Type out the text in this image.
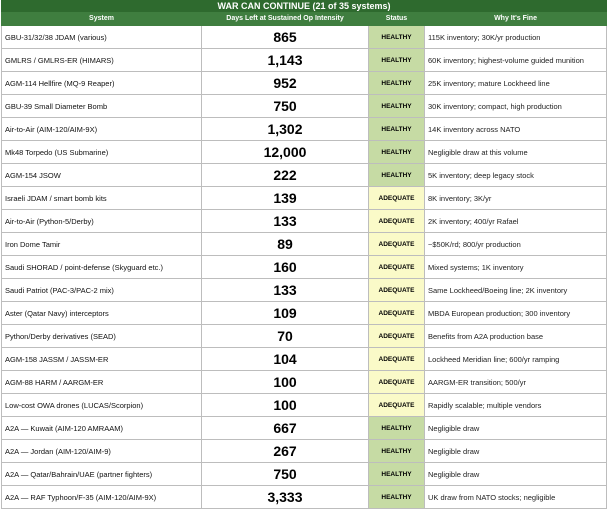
WAR CAN CONTINUE (21 of 35 systems)			
System	Days Left at Sustained Op Intensity	Status	Why It's Fine
GBU-31/32/38 JDAM (various)	865	HEALTHY	115K inventory; 30K/yr production
GMLRS / GMLRS-ER (HIMARS)	1,143	HEALTHY	60K inventory; highest-volume guided munition
AGM-114 Hellfire (MQ-9 Reaper)	952	HEALTHY	25K inventory; mature Lockheed line
GBU-39 Small Diameter Bomb	750	HEALTHY	30K inventory; compact, high production
Air-to-Air (AIM-120/AIM-9X)	1,302	HEALTHY	14K inventory across NATO
Mk48 Torpedo (US Submarine)	12,000	HEALTHY	Negligible draw at this volume
AGM-154 JSOW	222	HEALTHY	5K inventory; deep legacy stock
Israeli JDAM / smart bomb kits	139	ADEQUATE	8K inventory; 3K/yr
Air-to-Air (Python-5/Derby)	133	ADEQUATE	2K inventory; 400/yr Rafael
Iron Dome Tamir	89	ADEQUATE	~$50K/rd; 800/yr production
Saudi SHORAD / point-defense (Skyguard etc.)	160	ADEQUATE	Mixed systems; 1K inventory
Saudi Patriot (PAC-3/PAC-2 mix)	133	ADEQUATE	Same Lockheed/Boeing line; 2K inventory
Aster (Qatar Navy) interceptors	109	ADEQUATE	MBDA European production; 300 inventory
Python/Derby derivatives (SEAD)	70	ADEQUATE	Benefits from A2A production base
AGM-158 JASSM / JASSM-ER	104	ADEQUATE	Lockheed Meridian line; 600/yr ramping
AGM-88 HARM / AARGM-ER	100	ADEQUATE	AARGM-ER transition; 500/yr
Low-cost OWA drones (LUCAS/Scorpion)	100	ADEQUATE	Rapidly scalable; multiple vendors
A2A — Kuwait (AIM-120 AMRAAM)	667	HEALTHY	Negligible draw
A2A — Jordan (AIM-120/AIM-9)	267	HEALTHY	Negligible draw
A2A — Qatar/Bahrain/UAE (partner fighters)	750	HEALTHY	Negligible draw
A2A — RAF Typhoon/F-35 (AIM-120/AIM-9X)	3,333	HEALTHY	UK draw from NATO stocks; negligible
